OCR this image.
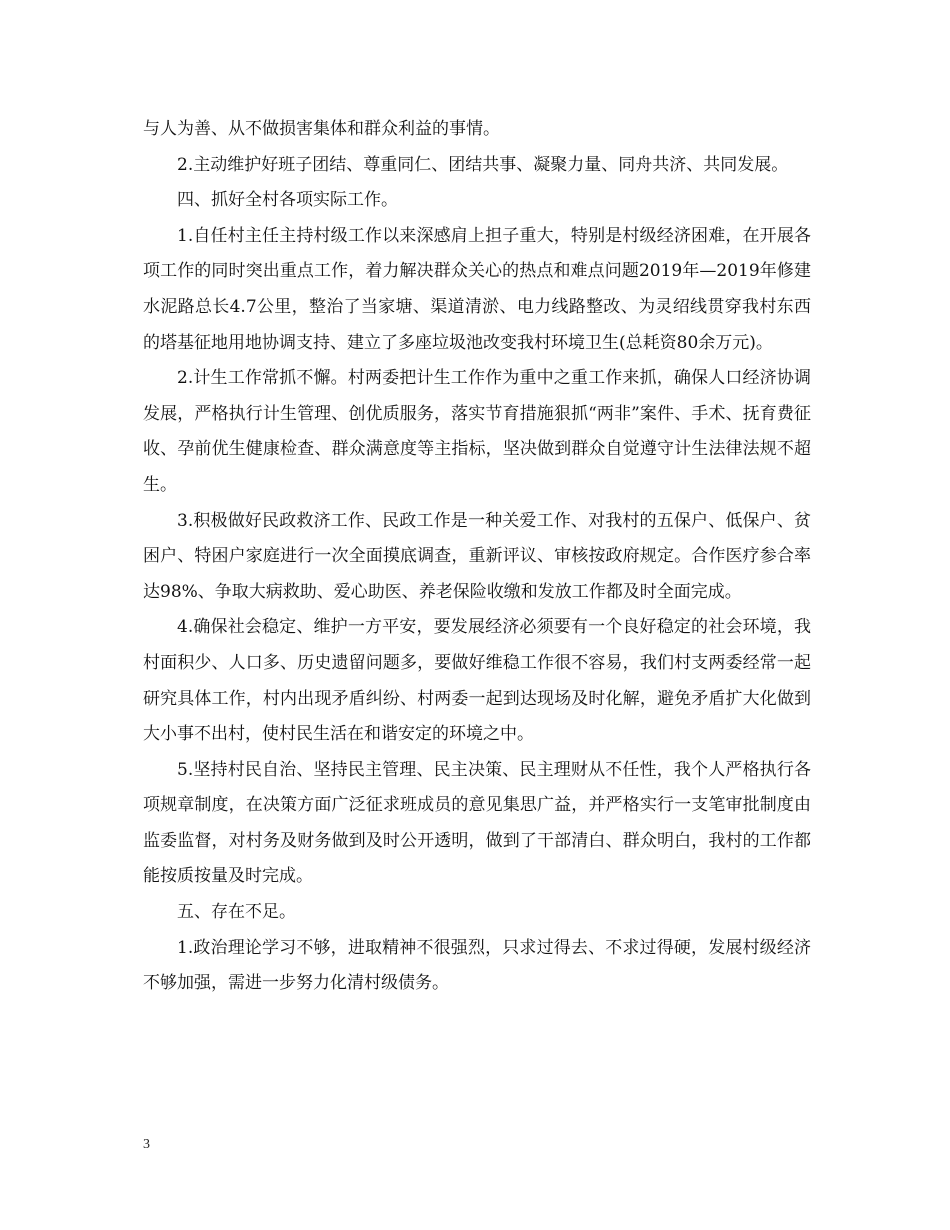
与人为善、从不做损害集体和群众利益的事情。

2.主动维护好班子团结、尊重同仁、团结共事、凝聚力量、同舟共济、共同发展。

四、抓好全村各项实际工作。

1.自任村主任主持村级工作以来深感肩上担子重大，特别是村级经济困难，在开展各项工作的同时突出重点工作，着力解决群众关心的热点和难点问题2019年—2019年修建水泥路总长4.7公里，整治了当家塘、渠道清淤、电力线路整改、为灵绍线贯穿我村东西的塔基征地用地协调支持、建立了多座垃圾池改变我村环境卫生(总耗资80余万元)。

2.计生工作常抓不懈。村两委把计生工作作为重中之重工作来抓，确保人口经济协调发展，严格执行计生管理、创优质服务，落实节育措施狠抓“两非”案件、手术、抚育费征收、孕前优生健康检查、群众满意度等主指标，坚决做到群众自觉遵守计生法律法规不超生。

3.积极做好民政救济工作、民政工作是一种关爱工作、对我村的五保户、低保户、贫困户、特困户家庭进行一次全面摸底调查，重新评议、审核按政府规定。合作医疗参合率达98%、争取大病救助、爱心助医、养老保险收缴和发放工作都及时全面完成。

4.确保社会稳定、维护一方平安，要发展经济必须要有一个良好稳定的社会环境，我村面积少、人口多、历史遗留问题多，要做好维稳工作很不容易，我们村支两委经常一起研究具体工作，村内出现矛盾纠纷、村两委一起到达现场及时化解，避免矛盾扩大化做到大小事不出村，使村民生活在和谐安定的环境之中。

5.坚持村民自治、坚持民主管理、民主决策、民主理财从不任性，我个人严格执行各项规章制度，在决策方面广泛征求班成员的意见集思广益，并严格实行一支笔审批制度由监委监督，对村务及财务做到及时公开透明，做到了干部清白、群众明白，我村的工作都能按质按量及时完成。

五、存在不足。

1.政治理论学习不够，进取精神不很强烈，只求过得去、不求过得硬，发展村级经济不够加强，需进一步努力化清村级债务。

3
